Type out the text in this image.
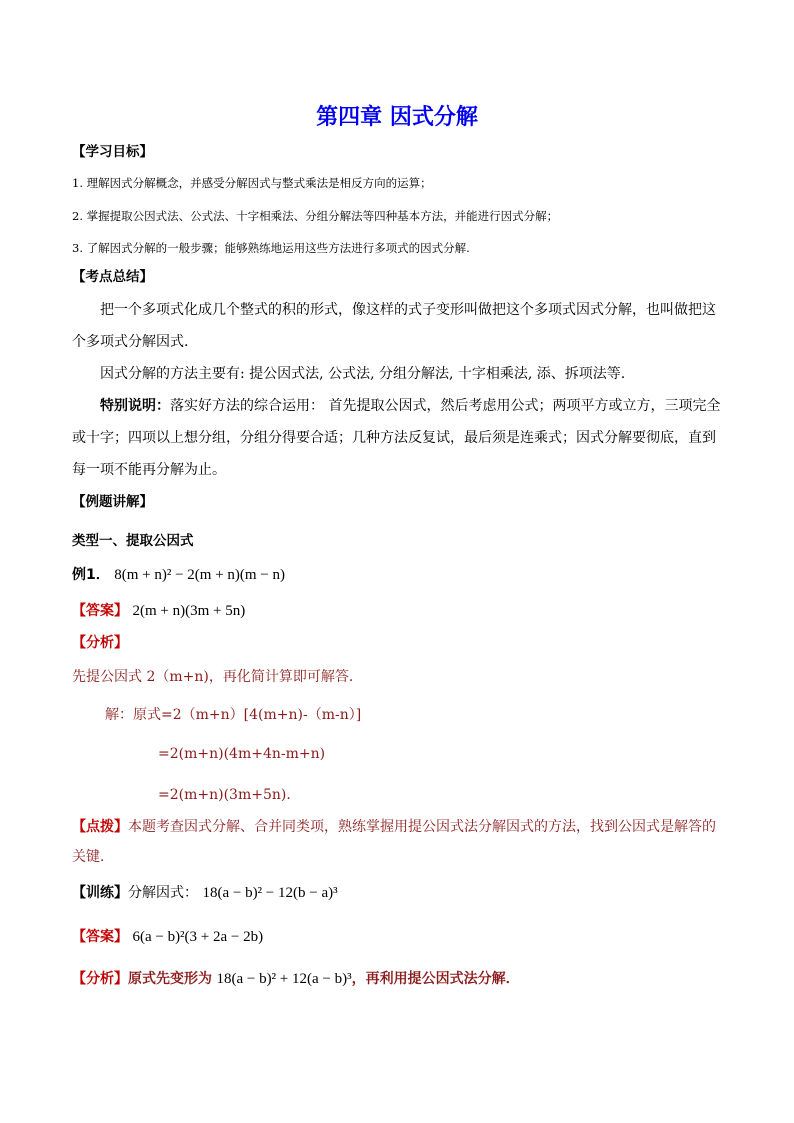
第四章 因式分解
【学习目标】
1. 理解因式分解概念，并感受分解因式与整式乘法是相反方向的运算；
2. 掌握提取公因式法、公式法、十字相乘法、分组分解法等四种基本方法，并能进行因式分解；
3. 了解因式分解的一般步骤；能够熟练地运用这些方法进行多项式的因式分解.
【考点总结】
把一个多项式化成几个整式的积的形式，像这样的式子变形叫做把这个多项式因式分解，也叫做把这
个多项式分解因式.
因式分解的方法主要有: 提公因式法, 公式法, 分组分解法, 十字相乘法, 添、拆项法等.
特别说明：落实好方法的综合运用： 首先提取公因式，然后考虑用公式；两项平方或立方，三项完全
或十字；四项以上想分组，分组分得要合适；几种方法反复试，最后须是连乘式；因式分解要彻底，直到
每一项不能再分解为止。
【例题讲解】
类型一、提取公因式
例1． 8(m + n)² − 2(m + n)(m − n)
【答案】 2(m + n)(3m + 5n)
【分析】
先提公因式 2（m+n)，再化简计算即可解答．
解：原式=2（m+n）[4(m+n)-（m-n）]
=2(m+n)(4m+4n-m+n)
=2(m+n)(3m+5n)．
【点拨】本题考查因式分解、合并同类项，熟练掌握用提公因式法分解因式的方法，找到公因式是解答的
关键．
【训练】分解因式： 18(a − b)² − 12(b − a)³
【答案】 6(a − b)²(3 + 2a − 2b)
【分析】原式先变形为 18(a − b)² + 12(a − b)³，再利用提公因式法分解．
